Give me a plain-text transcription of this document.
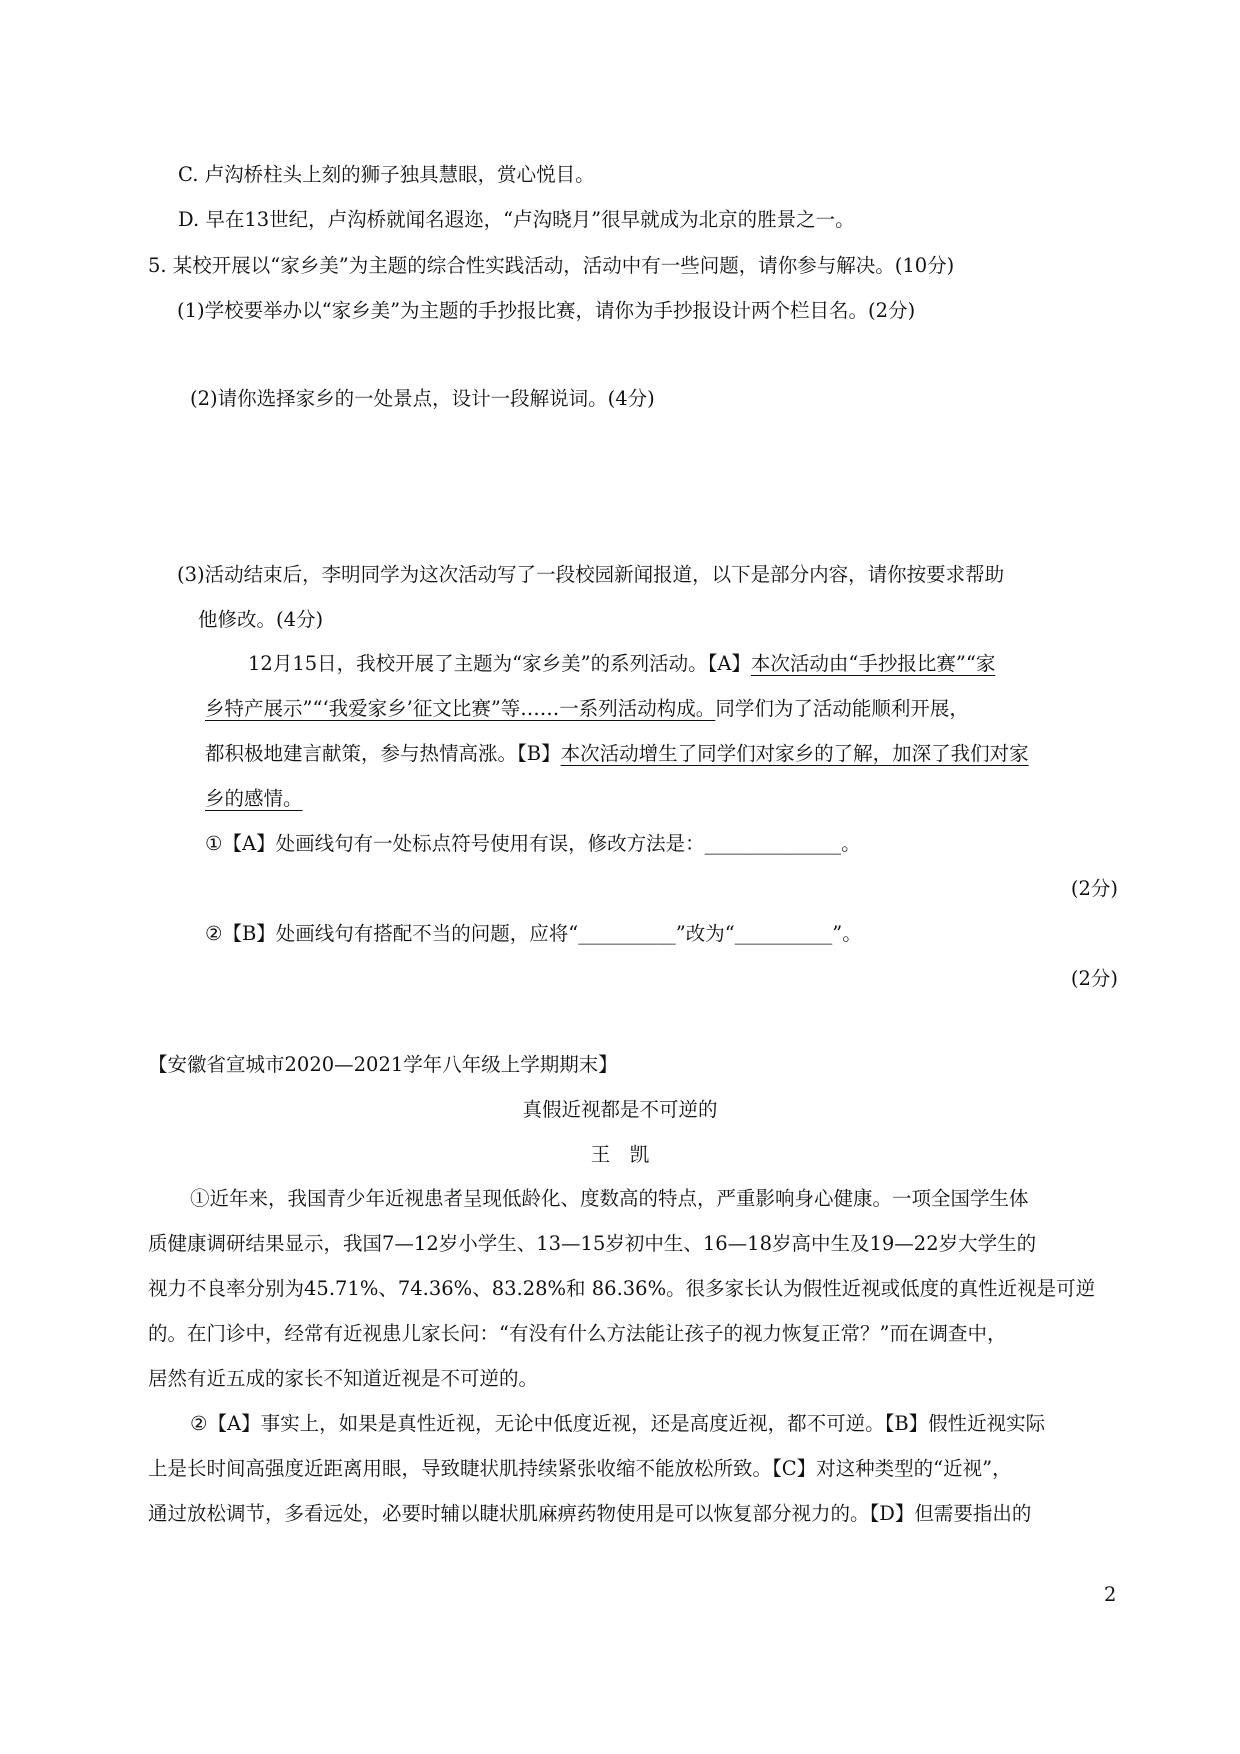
C. 卢沟桥柱头上刻的狮子独具慧眼，赏心悦目。
D. 早在13世纪，卢沟桥就闻名遐迩，“卢沟晓月”很早就成为北京的胜景之一。
5. 某校开展以“家乡美”为主题的综合性实践活动，活动中有一些问题，请你参与解决。(10分)
(1)学校要举办以“家乡美”为主题的手抄报比赛，请你为手抄报设计两个栏目名。(2分)
(2)请你选择家乡的一处景点，设计一段解说词。(4分)
(3)活动结束后，李明同学为这次活动写了一段校园新闻报道，以下是部分内容，请你按要求帮助
他修改。(4分)
12月15日，我校开展了主题为“家乡美”的系列活动。【A】本次活动由“手抄报比赛”“家
乡特产展示”“‘我爱家乡’征文比赛”等……一系列活动构成。同学们为了活动能顺利开展，
都积极地建言献策，参与热情高涨。【B】本次活动增生了同学们对家乡的了解，加深了我们对家
乡的感情。
①【A】处画线句有一处标点符号使用有误，修改方法是：______________。
(2分)
②【B】处画线句有搭配不当的问题，应将“__________”改为“__________”。
(2分)
【安徽省宣城市2020—2021学年八年级上学期期末】
真假近视都是不可逆的
王　凯
①近年来，我国青少年近视患者呈现低龄化、度数高的特点，严重影响身心健康。一项全国学生体
质健康调研结果显示，我国7—12岁小学生、13—15岁初中生、16—18岁高中生及19—22岁大学生的
视力不良率分别为45.71%、74.36%、83.28%和 86.36%。很多家长认为假性近视或低度的真性近视是可逆
的。在门诊中，经常有近视患儿家长问：“有没有什么方法能让孩子的视力恢复正常？”而在调查中，
居然有近五成的家长不知道近视是不可逆的。
②【A】事实上，如果是真性近视，无论中低度近视，还是高度近视，都不可逆。【B】假性近视实际
上是长时间高强度近距离用眼，导致睫状肌持续紧张收缩不能放松所致。【C】对这种类型的“近视”，
通过放松调节，多看远处，必要时辅以睫状肌麻痹药物使用是可以恢复部分视力的。【D】但需要指出的
2
